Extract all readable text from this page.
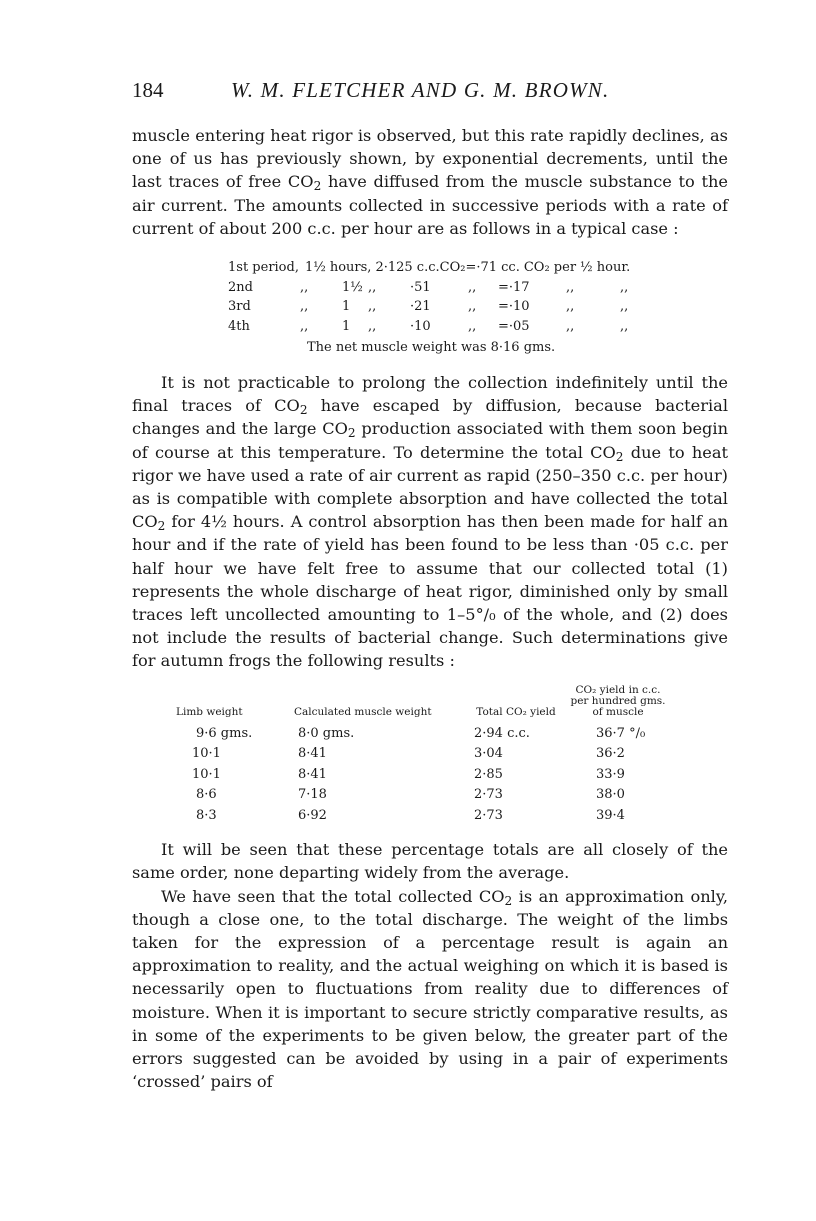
184	W. M. FLETCHER AND G. M. BROWN.

muscle entering heat rigor is observed, but this rate rapidly declines, as one of us has previously shown, by exponential decrements, until the last traces of free $CO_2$ have diffused from the muscle substance to the air current. The amounts collected in successive periods with a rate of current of about 200 c.c. per hour are as follows in a typical case :

1st period,	1½	hours,	2·125 c.c.	CO₂=	·71 cc.	CO₂ per	½ hour.
2nd	,,	1½	,,	·51	,,	=·17	,,	,,
3rd	,,	1	,,	·21	,,	=·10	,,	,,
4th	,,	1	,,	·10	,,	=·05	,,	,,
The net muscle weight was 8·16 gms.

It is not practicable to prolong the collection indefinitely until the final traces of $CO_2$ have escaped by diffusion, because bacterial changes and the large $CO_2$ production associated with them soon begin of course at this temperature. To determine the total $CO_2$ due to heat rigor we have used a rate of air current as rapid (250–350 c.c. per hour) as is compatible with complete absorption and have collected the total $CO_2$ for 4½ hours. A control absorption has then been made for half an hour and if the rate of yield has been found to be less than ·05 c.c. per half hour we have felt free to assume that our collected total (1) represents the whole discharge of heat rigor, diminished only by small traces left uncollected amounting to 1–5°/₀ of the whole, and (2) does not include the results of bacterial change. Such determinations give for autumn frogs the following results :

Limb weight	Calculated muscle weight	Total CO₂ yield	CO₂ yield in c.c. per hundred gms. of muscle
9·6 gms.	8·0 gms.	2·94 c.c.	36·7 °/₀
10·1	8·41	3·04	36·2
10·1	8·41	2·85	33·9
8·6	7·18	2·73	38·0
8·3	6·92	2·73	39·4

It will be seen that these percentage totals are all closely of the same order, none departing widely from the average.

We have seen that the total collected $CO_2$ is an approximation only, though a close one, to the total discharge. The weight of the limbs taken for the expression of a percentage result is again an approximation to reality, and the actual weighing on which it is based is necessarily open to fluctuations from reality due to differences of moisture. When it is important to secure strictly comparative results, as in some of the experiments to be given below, the greater part of the errors suggested can be avoided by using in a pair of experiments ‘crossed’ pairs of
